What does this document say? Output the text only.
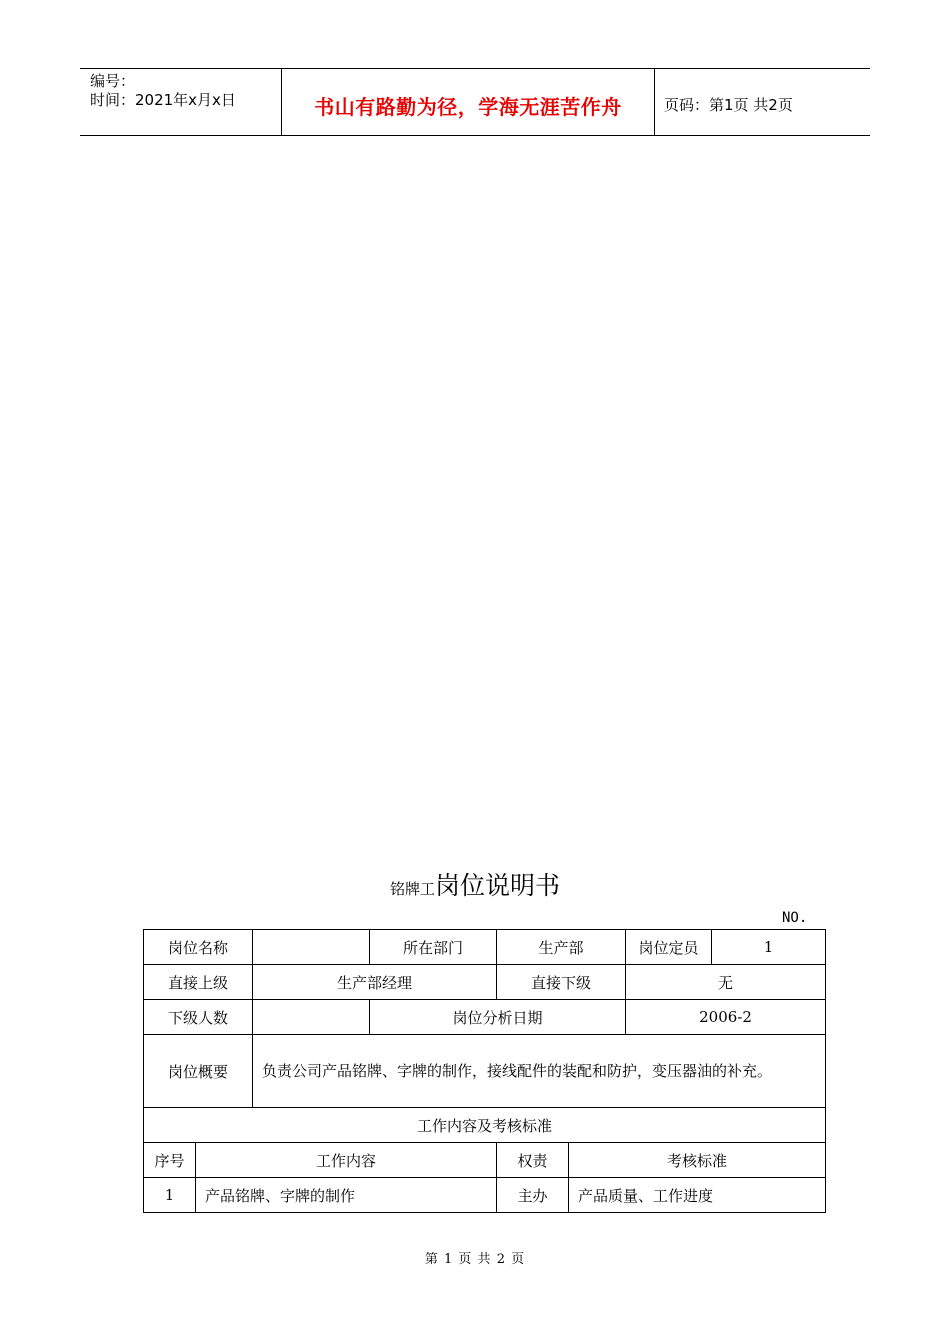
编号：
时间：2021年x月x日	书山有路勤为径，学海无涯苦作舟	页码：第1页 共2页
铭牌工岗位说明书
NO.
岗位名称			所在部门	生产部		岗位定员	1
直接上级		生产部经理		直接下级		无	
下级人数			岗位分析日期			2006-2	
岗位概要		负责公司产品铭牌、字牌的制作，接线配件的装配和防护，变压器油的补充。					
工作内容及考核标准							
序号	工作内容			权责	考核标准		
1	产品铭牌、字牌的制作			主办	产品质量、工作进度		
第 1 页 共 2 页
